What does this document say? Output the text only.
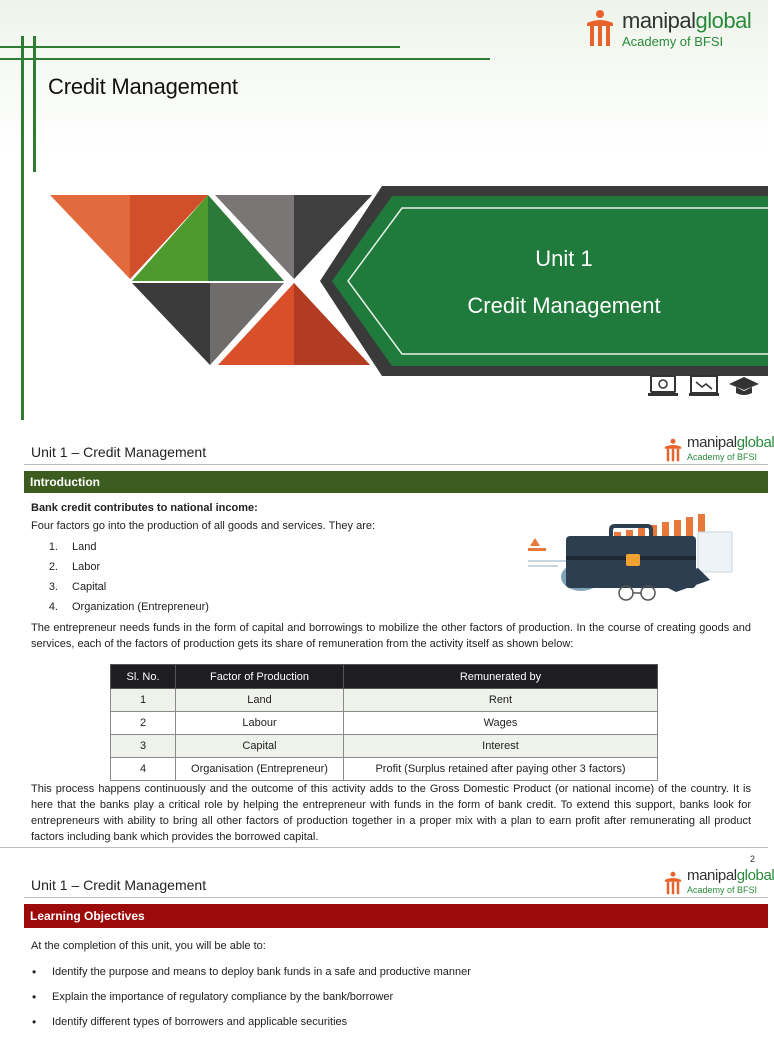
Credit Management
manipalglobal
Academy of BFSI
Unit 1
Credit Management

Unit 1 – Credit Management
manipalglobal
Academy of BFSI
Introduction
Bank credit contributes to national income:
Four factors go into the production of all goods and services. They are:
1. Land
2. Labor
3. Capital
4. Organization (Entrepreneur)
The entrepreneur needs funds in the form of capital and borrowings to mobilize the other factors of production. In the course of creating goods and services, each of the factors of production gets its share of remuneration from the activity itself as shown below:
Sl. No.	Factor of Production	Remunerated by
1	Land	Rent
2	Labour	Wages
3	Capital	Interest
4	Organisation (Entrepreneur)	Profit (Surplus retained after paying other 3 factors)
This process happens continuously and the outcome of this activity adds to the Gross Domestic Product (or national income) of the country. It is here that the banks play a critical role by helping the entrepreneur with funds in the form of bank credit. To extend this support, banks look for entrepreneurs with ability to bring all other factors of production together in a proper mix with a plan to earn profit after remunerating all product factors including bank which provides the borrowed capital.
2
Unit 1 – Credit Management
manipalglobal
Academy of BFSI
Learning Objectives
At the completion of this unit, you will be able to:
• Identify the purpose and means to deploy bank funds in a safe and productive manner
• Explain the importance of regulatory compliance by the bank/borrower
• Identify different types of borrowers and applicable securities
